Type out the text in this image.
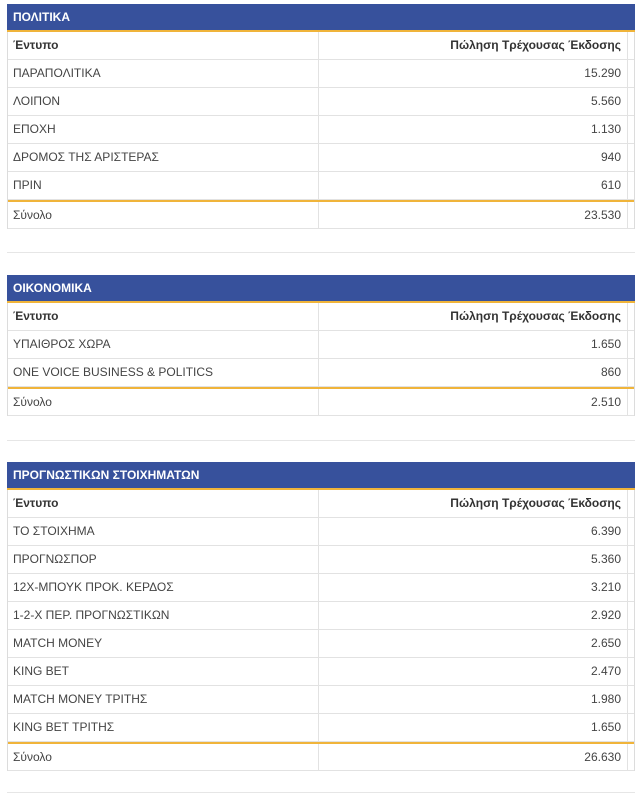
ΠΟΛΙΤΙΚΑ
Έντυπο	Πώληση Τρέχουσας Έκδοσης
ΠΑΡΑΠΟΛΙΤΙΚΑ	15.290
ΛΟΙΠΟΝ	5.560
ΕΠΟΧΗ	1.130
ΔΡΟΜΟΣ ΤΗΣ ΑΡΙΣΤΕΡΑΣ	940
ΠΡΙΝ	610
Σύνολο	23.530
ΟΙΚΟΝΟΜΙΚΑ
Έντυπο	Πώληση Τρέχουσας Έκδοσης
ΥΠΑΙΘΡΟΣ ΧΩΡΑ	1.650
ONE VOICE BUSINESS & POLITICS	860
Σύνολο	2.510
ΠΡΟΓΝΩΣΤΙΚΩΝ ΣΤΟΙΧΗΜΑΤΩΝ
Έντυπο	Πώληση Τρέχουσας Έκδοσης
ΤΟ ΣΤΟΙΧΗΜΑ	6.390
ΠΡΟΓΝΩΣΠΟΡ	5.360
12Χ-ΜΠΟΥΚ ΠΡΟΚ. ΚΕΡΔΟΣ	3.210
1-2-Χ ΠΕΡ. ΠΡΟΓΝΩΣΤΙΚΩΝ	2.920
MATCH MONEY	2.650
KING BET	2.470
MATCH MONEY ΤΡΙΤΗΣ	1.980
KING BET ΤΡΙΤΗΣ	1.650
Σύνολο	26.630
